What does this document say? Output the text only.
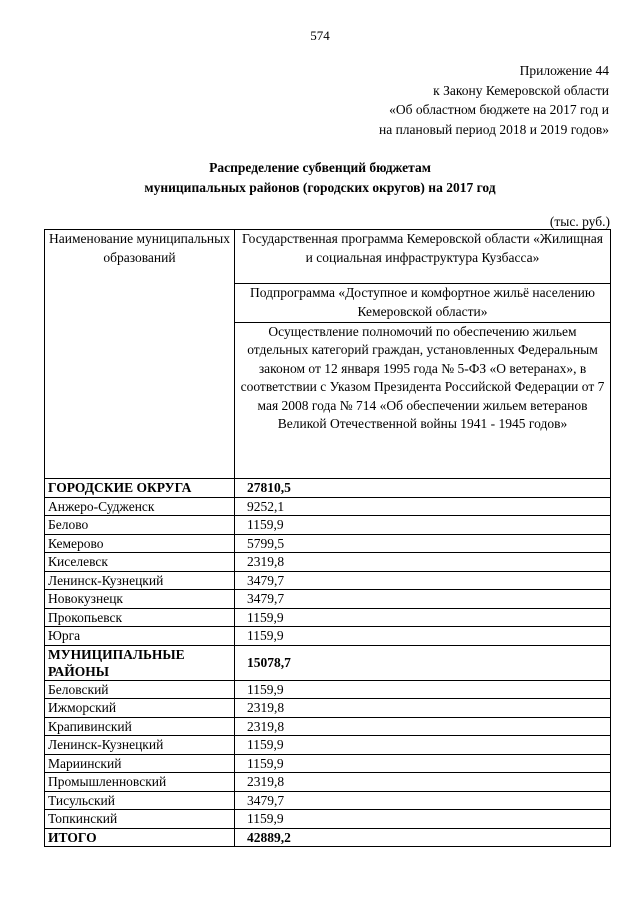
574
Приложение 44
к Закону Кемеровской области
«Об областном бюджете на 2017 год и
на плановый период 2018 и 2019 годов»
Распределение субвенций бюджетам
муниципальных районов (городских округов) на 2017 год
(тыс. руб.)
Наименование муниципальных образований	Государственная программа Кемеровской области «Жилищная и социальная инфраструктура Кузбасса»
	Подпрограмма «Доступное и комфортное жильё населению Кемеровской области»
	Осуществление полномочий по обеспечению жильем отдельных категорий граждан, установленных Федеральным законом от 12 января 1995 года № 5-ФЗ «О ветеранах», в соответствии с Указом Президента Российской Федерации от 7 мая 2008 года № 714 «Об обеспечении жильем ветеранов Великой Отечественной войны 1941 - 1945 годов»
ГОРОДСКИЕ ОКРУГА	27810,5
Анжеро-Судженск	9252,1
Белово	1159,9
Кемерово	5799,5
Киселевск	2319,8
Ленинск-Кузнецкий	3479,7
Новокузнецк	3479,7
Прокопьевск	1159,9
Юрга	1159,9
МУНИЦИПАЛЬНЫЕ РАЙОНЫ	15078,7
Беловский	1159,9
Ижморский	2319,8
Крапивинский	2319,8
Ленинск-Кузнецкий	1159,9
Мариинский	1159,9
Промышленновский	2319,8
Тисульский	3479,7
Топкинский	1159,9
ИТОГО	42889,2
